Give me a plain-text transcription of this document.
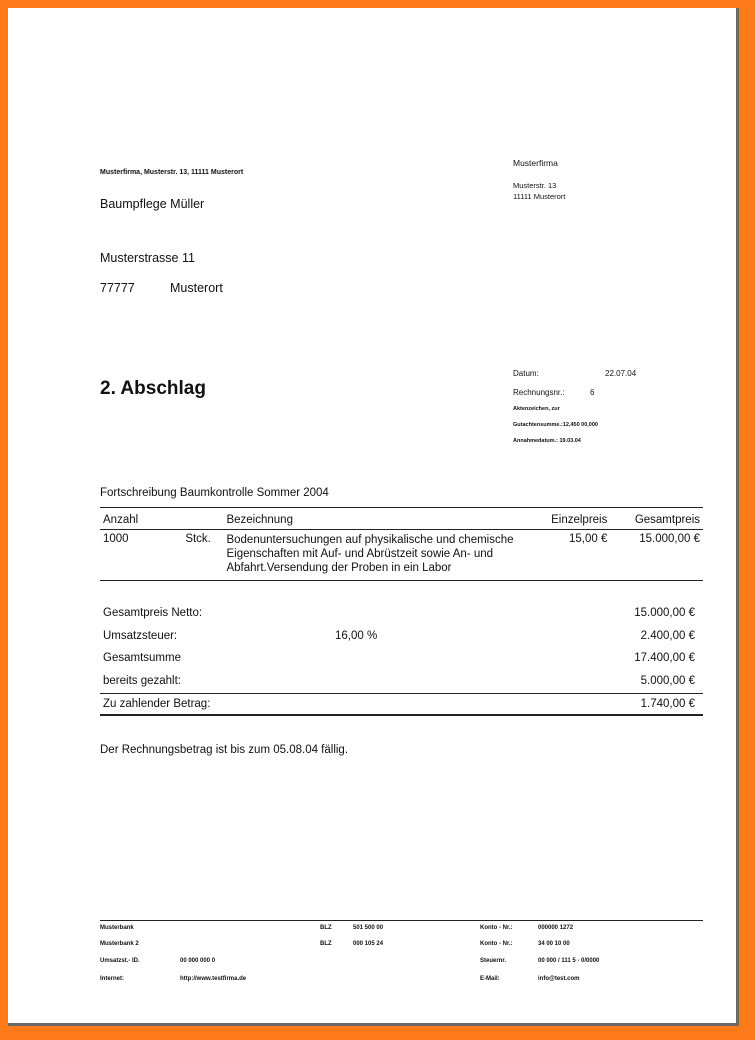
Musterfirma, Musterstr. 13, 11111 Musterort
Baumpflege Müller
Musterstrasse 11
77777	Musterort
Musterfirma
Musterstr. 13
11111 Musterort
2. Abschlag
Datum:	22.07.04
Rechnungsnr.:	6
Aktenzeichen, zur
Gutachtensumme.:12,450 00,000
Annahmedatum.: 19.03.04
Fortschreibung Baumkontrolle Sommer 2004
Anzahl		Bezeichnung	Einzelpreis	Gesamtpreis
1000	Stck.	Bodenuntersuchungen auf physikalische und chemische Eigenschaften mit Auf- und Abrüstzeit sowie An- und Abfahrt.Versendung der Proben in ein Labor	15,00 €	15.000,00 €
Gesamtpreis Netto:	15.000,00 €
Umsatzsteuer:	16,00 %	2.400,00 €
Gesamtsumme	17.400,00 €
bereits gezahlt:	5.000,00 €
Zu zahlender Betrag:	1.740,00 €
Der Rechnungsbetrag ist bis zum 05.08.04 fällig.
Musterbank	BLZ	501 500 00	Konto - Nr.:	000000 1272
Musterbank 2	BLZ	000 105 24	Konto - Nr.:	34 00 10 00
Umsatzst.- ID.	00 000 000 0	Steuernr.	00 000 / 111 5 - 0/0000
Internet:	http://www.testfirma.de	E-Mail:	info@test.com
